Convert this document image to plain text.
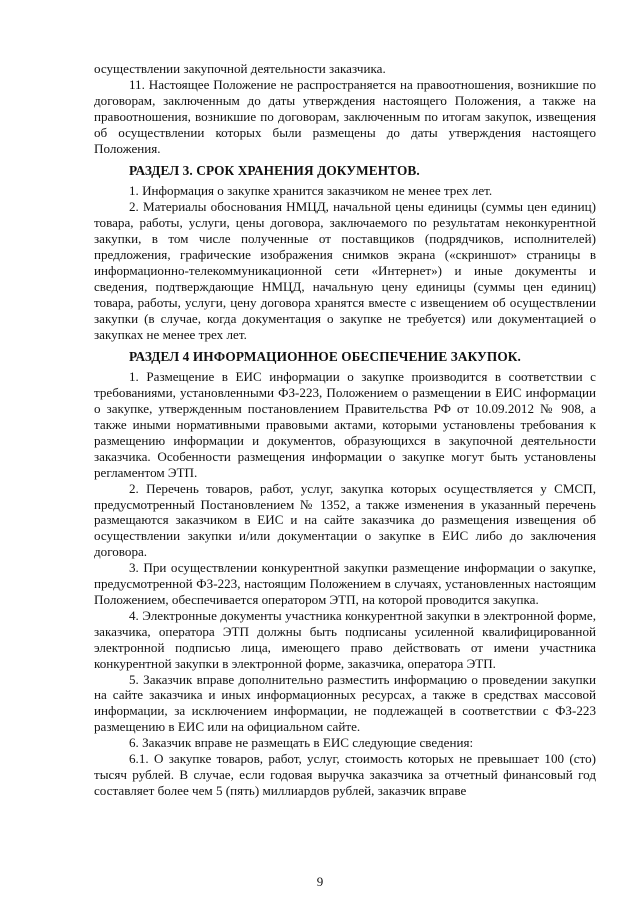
осуществлении закупочной деятельности заказчика.

11. Настоящее Положение не распространяется на правоотношения, возникшие по договорам, заключенным до даты утверждения настоящего Положения, а также на правоотношения, возникшие по договорам, заключенным по итогам закупок, извещения об осуществлении которых были размещены до даты утверждения настоящего Положения.

РАЗДЕЛ 3. СРОК ХРАНЕНИЯ ДОКУМЕНТОВ.

1. Информация о закупке хранится заказчиком не менее трех лет.

2. Материалы обоснования НМЦД, начальной цены единицы (суммы цен единиц) товара, работы, услуги, цены договора, заключаемого по результатам неконкурентной закупки, в том числе полученные от поставщиков (подрядчиков, исполнителей) предложения, графические изображения снимков экрана («скриншот» страницы в информационно-телекоммуникационной сети «Интернет») и иные документы и сведения, подтверждающие НМЦД, начальную цену единицы (суммы цен единиц) товара, работы, услуги, цену договора хранятся вместе с извещением об осуществлении закупки (в случае, когда документация о закупке не требуется) или документацией о закупках не менее трех лет.

РАЗДЕЛ 4 ИНФОРМАЦИОННОЕ ОБЕСПЕЧЕНИЕ ЗАКУПОК.

1. Размещение в ЕИС информации о закупке производится в соответствии с требованиями, установленными ФЗ-223, Положением о размещении в ЕИС информации о закупке, утвержденным постановлением Правительства РФ от 10.09.2012 № 908, а также иными нормативными правовыми актами, которыми установлены требования к размещению информации и документов, образующихся в закупочной деятельности заказчика. Особенности размещения информации о закупке могут быть установлены регламентом ЭТП.

2. Перечень товаров, работ, услуг, закупка которых осуществляется у СМСП, предусмотренный Постановлением № 1352, а также изменения в указанный перечень размещаются заказчиком в ЕИС и на сайте заказчика до размещения извещения об осуществлении закупки и/или документации о закупке в ЕИС либо до заключения договора.

3. При осуществлении конкурентной закупки размещение информации о закупке, предусмотренной ФЗ-223, настоящим Положением в случаях, установленных настоящим Положением, обеспечивается оператором ЭТП, на которой проводится закупка.

4. Электронные документы участника конкурентной закупки в электронной форме, заказчика, оператора ЭТП должны быть подписаны усиленной квалифицированной электронной подписью лица, имеющего право действовать от имени участника конкурентной закупки в электронной форме, заказчика, оператора ЭТП.

5. Заказчик вправе дополнительно разместить информацию о проведении закупки на сайте заказчика и иных информационных ресурсах, а также в средствах массовой информации, за исключением информации, не подлежащей в соответствии с ФЗ-223 размещению в ЕИС или на официальном сайте.

6. Заказчик вправе не размещать в ЕИС следующие сведения:

6.1. О закупке товаров, работ, услуг, стоимость которых не превышает 100 (сто) тысяч рублей. В случае, если годовая выручка заказчика за отчетный финансовый год составляет более чем 5 (пять) миллиардов рублей, заказчик вправе

9
